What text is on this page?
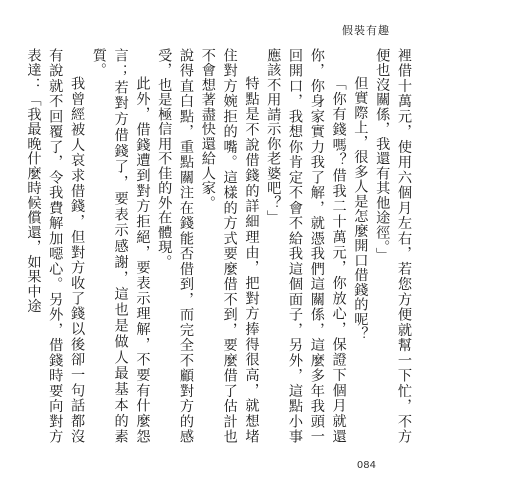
假裝有趣

裡借十萬元，使用六個月左右，若您方便就幫一下忙，不方便也沒關係，我還有其他途徑。」

但實際上，很多人是怎麼開口借錢的呢？

「你有錢嗎？借我二十萬元，你放心，保證下個月就還你，你身家實力我了解，就憑我們這關係，這麼多年我頭一回開口，我想你肯定不會不給我這個面子，另外，這點小事應該不用請示你老婆吧？」

特點是不說借錢的詳細理由，把對方捧得很高，就想堵住對方婉拒的嘴。這樣的方式要麼借不到，要麼借了估計也不會想著盡快還給人家。

說得直白點，重點關注在錢能否借到，而完全不顧對方的感受，也是極信用不佳的外在體現。

此外，借錢遭到對方拒絕，要表示理解，不要有什麼怨言；若對方借錢了，要表示感謝，這也是做人最基本的素質。

我曾經被人哀求借錢，但對方收了錢以後卻一句話都沒有說就不回覆了，令我費解加噁心。另外，借錢時要向對方表達：「我最晚什麼時候償還，如果中途

084
